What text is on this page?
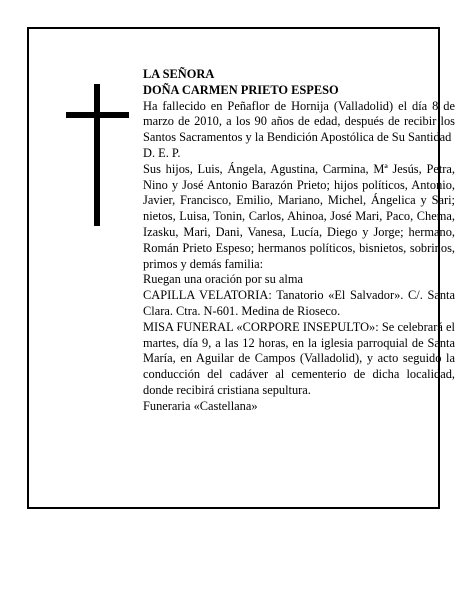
LA SEÑORA

DOÑA CARMEN PRIETO ESPESO

Ha fallecido en Peñaflor de Hornija (Valladolid) el día 8 de marzo de 2010, a los 90 años de edad, después de recibir los Santos Sacramentos y la Bendición Apostólica de Su Santidad

D. E. P.

Sus hijos, Luis, Ángela, Agustina, Carmina, Mª Jesús, Petra, Nino y José Antonio Barazón Prieto; hijos políticos, Antonio, Javier, Francisco, Emilio, Mariano, Michel, Ángelica y Sari; nietos, Luisa, Tonin, Carlos, Ahinoa, José Mari, Paco, Chema, Izasku, Mari, Dani, Vanesa, Lucía, Diego y Jorge; hermano, Román Prieto Espeso; hermanos políticos, bisnietos, sobrinos, primos y demás familia:

Ruegan una oración por su alma

CAPILLA VELATORIA: Tanatorio «El Salvador». C/. Santa Clara. Ctra. N-601. Medina de Rioseco.

MISA FUNERAL «CORPORE INSEPULTO»: Se celebrará el martes, día 9, a las 12 horas, en la iglesia parroquial de Santa María, en Aguilar de Campos (Valladolid), y acto seguido la conducción del cadáver al cementerio de dicha localidad, donde recibirá cristiana sepultura.

Funeraria «Castellana»
